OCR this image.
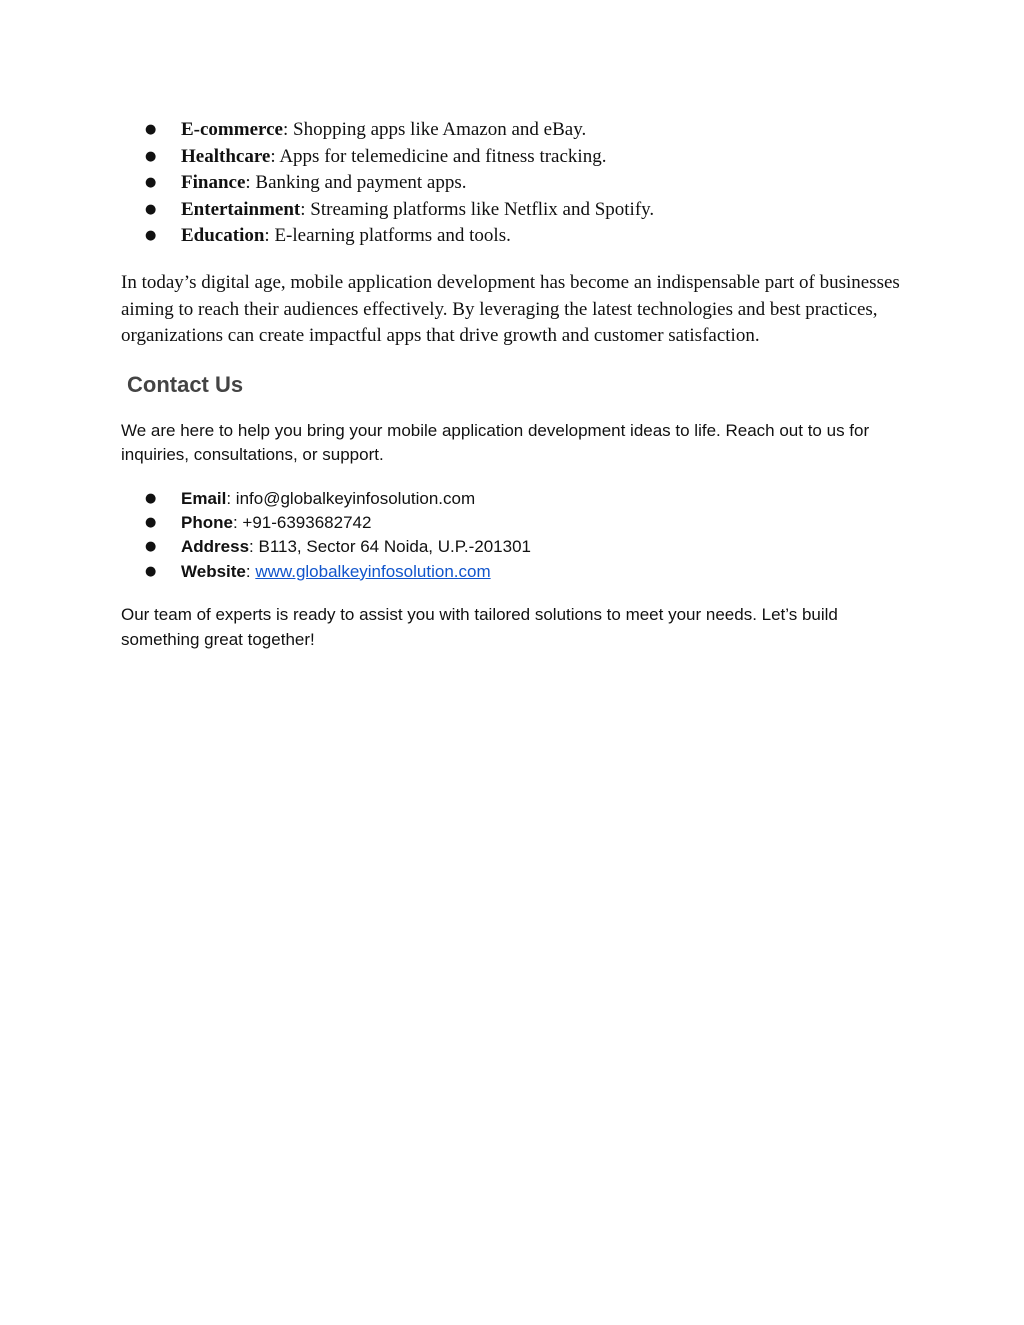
● E-commerce: Shopping apps like Amazon and eBay.
● Healthcare: Apps for telemedicine and fitness tracking.
● Finance: Banking and payment apps.
● Entertainment: Streaming platforms like Netflix and Spotify.
● Education: E-learning platforms and tools.

In today’s digital age, mobile application development has become an indispensable part of businesses aiming to reach their audiences effectively. By leveraging the latest technologies and best practices, organizations can create impactful apps that drive growth and customer satisfaction.

Contact Us

We are here to help you bring your mobile application development ideas to life. Reach out to us for inquiries, consultations, or support.

● Email: info@globalkeyinfosolution.com
● Phone: +91-6393682742
● Address: B113, Sector 64 Noida, U.P.-201301
● Website: www.globalkeyinfosolution.com

Our team of experts is ready to assist you with tailored solutions to meet your needs. Let’s build something great together!
